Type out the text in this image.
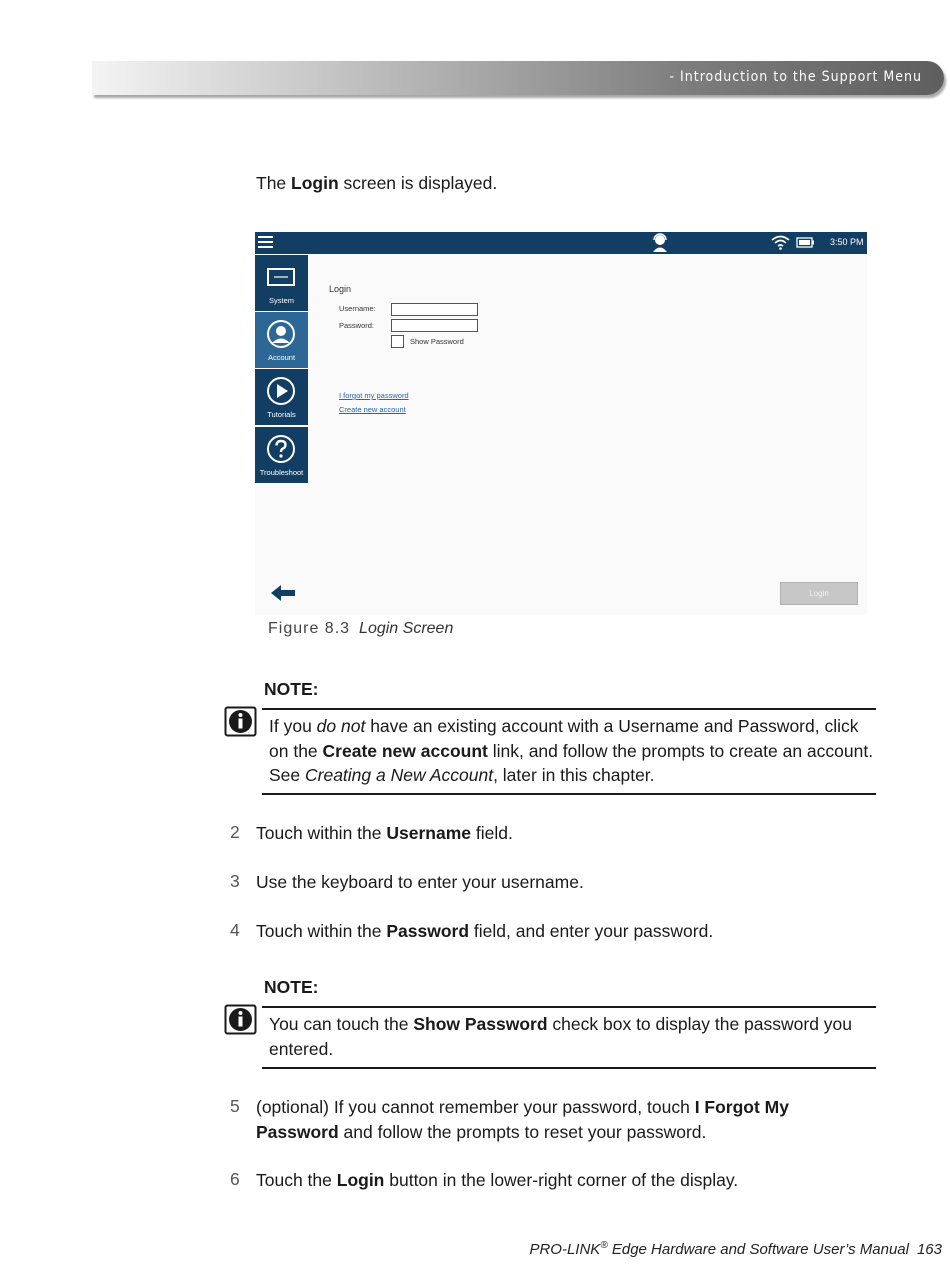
- Introduction to the Support Menu

The Login screen is displayed.

3:50 PM
System
Account
Tutorials
Troubleshoot
Login
Username:
Password:
Show Password
I forgot my password
Create new account
Login

Figure 8.3 Login Screen

NOTE:

If you do not have an existing account with a Username and Password, click on the Create new account link, and follow the prompts to create an account. See Creating a New Account, later in this chapter.

2 Touch within the Username field.

3 Use the keyboard to enter your username.

4 Touch within the Password field, and enter your password.

NOTE:

You can touch the Show Password check box to display the password you entered.

5 (optional) If you cannot remember your password, touch I Forgot My Password and follow the prompts to reset your password.

6 Touch the Login button in the lower-right corner of the display.

PRO-LINK® Edge Hardware and Software User’s Manual 163
